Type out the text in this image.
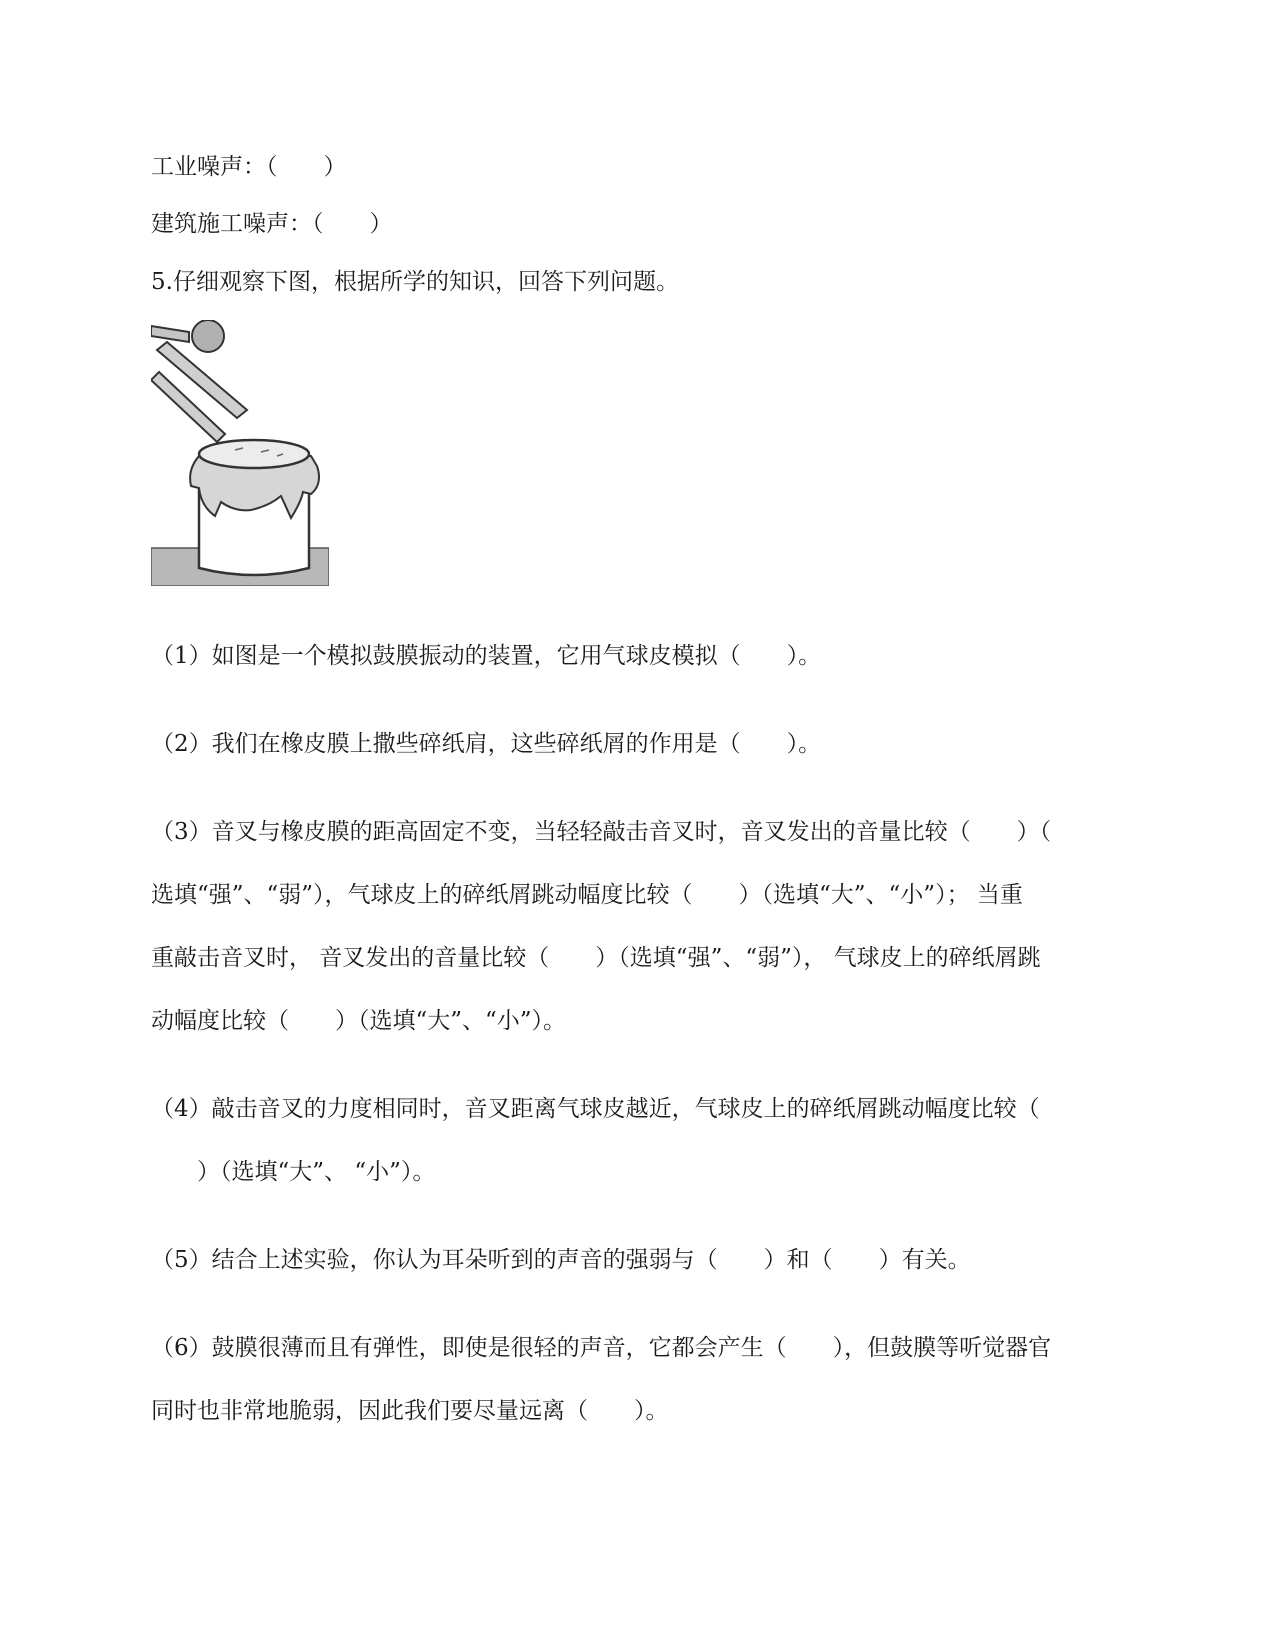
工业噪声：（　　）
建筑施工噪声：（　　）
5.仔细观察下图，根据所学的知识，回答下列问题。
（1）如图是一个模拟鼓膜振动的装置，它用气球皮模拟（　　）。
（2）我们在橡皮膜上撒些碎纸肩，这些碎纸屑的作用是（　　）。
（3）音叉与橡皮膜的距高固定不变，当轻轻敲击音叉时，音叉发出的音量比较（　　）（
选填“强”、“弱”），气球皮上的碎纸屑跳动幅度比较（　　）（选填“大”、“小”）； 当重
重敲击音叉时， 音叉发出的音量比较（　　）（选填“强”、“弱”）， 气球皮上的碎纸屑跳
动幅度比较（　　）（选填“大”、“小”）。
（4）敲击音叉的力度相同时，音叉距离气球皮越近，气球皮上的碎纸屑跳动幅度比较（
　　）（选填“大”、 “小”）。
（5）结合上述实验，你认为耳朵听到的声音的强弱与（　　）和（　　）有关。
（6）鼓膜很薄而且有弹性，即使是很轻的声音，它都会产生（　　），但鼓膜等听觉器官
同时也非常地脆弱，因此我们要尽量远离（　　）。
